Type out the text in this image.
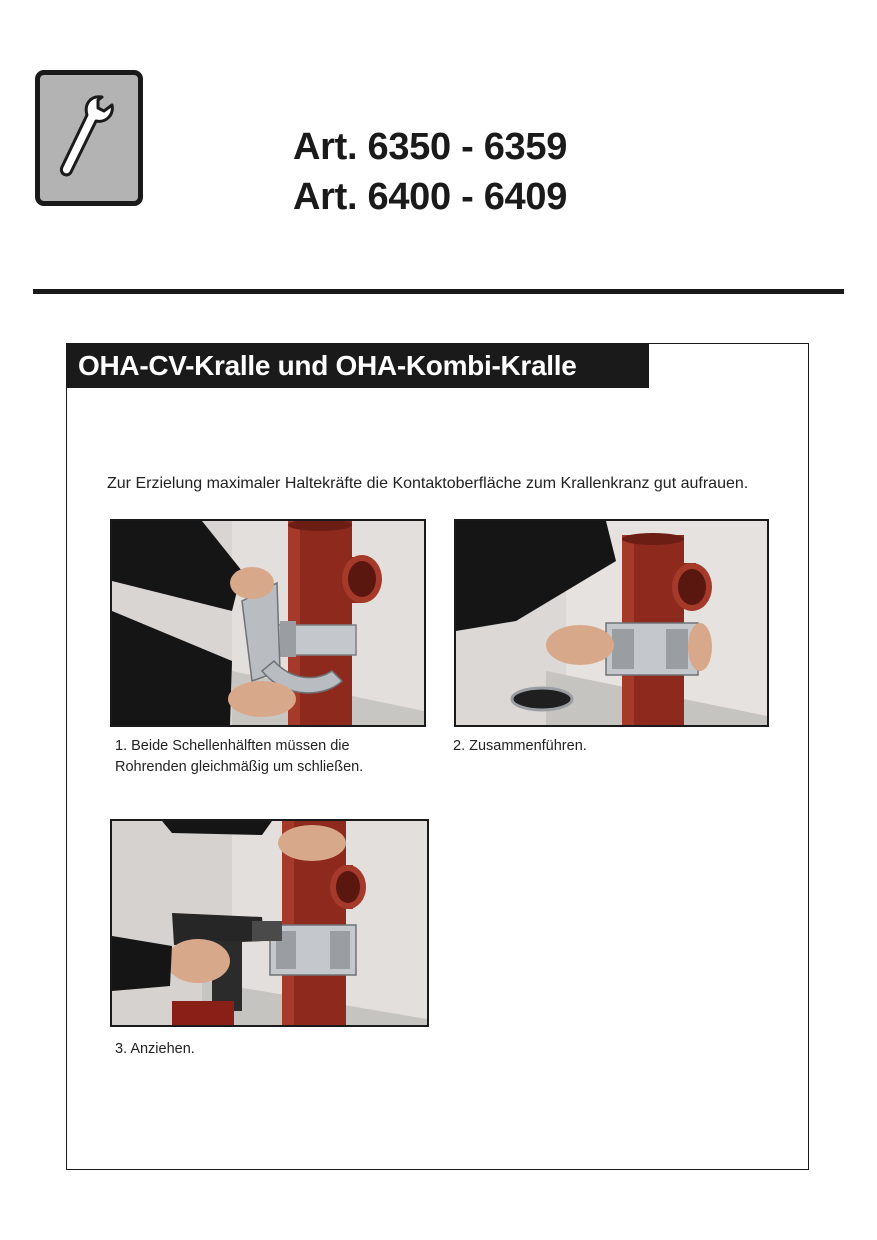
Art. 6350 - 6359
Art. 6400 - 6409
OHA-CV-Kralle und OHA-Kombi-Kralle
Zur Erzielung maximaler Haltekräfte die Kontaktoberfläche zum Krallenkranz gut aufrauen.
1. Beide Schellenhälften müssen die
Rohrenden gleichmäßig um schließen.
2. Zusammenführen.
3. Anziehen.
